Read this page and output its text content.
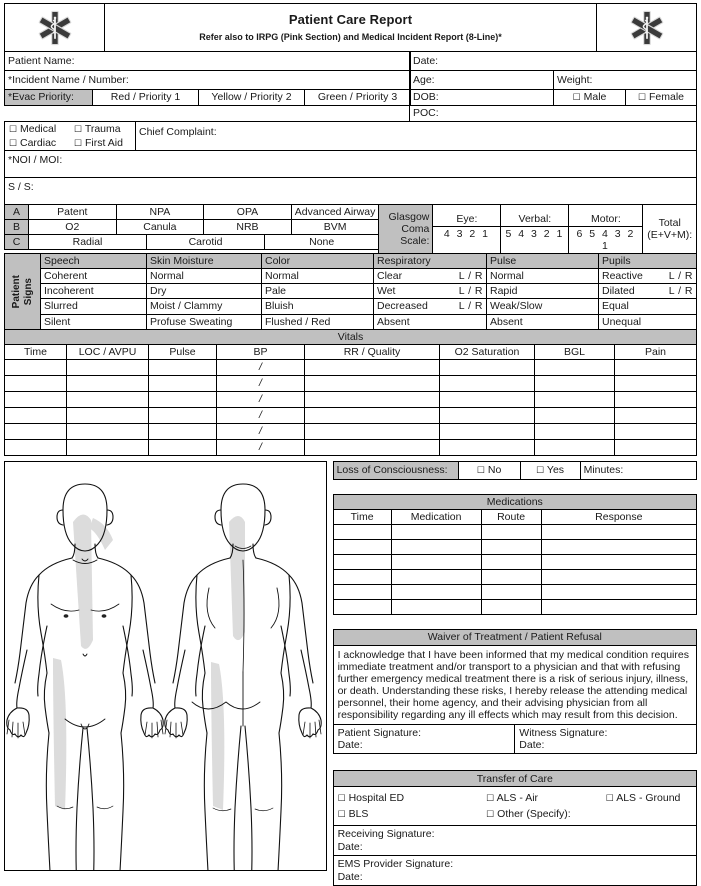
Patient Care Report
Refer also to IRPG (Pink Section) and Medical Incident Report (8-Line)*

Patient Name:
*Incident Name / Number:
*Evac Priority:	Red / Priority 1	Yellow / Priority 2	Green / Priority 3
Date:		
Age:	Weight:	
DOB:	☐ Male	☐ Female
POC:		
☐ Medical	☐ Trauma
☐ Cardiac	☐ First Aid
	Chief Complaint:

*NOI / MOI:
S / S:
A	Patent	NPA	OPA	Advanced Airway
B	O2	Canula	NRB	BVM
C	Radial	Carotid	None
Glasgow
Coma
Scale:
	Eye:	Verbal:	Motor:	Total
(E+V+M):

	4 3 2 1	5 4 3 2 1	6 5 4 3 2 1	
Patient Signs
Speech	Skin Moisture	Color	Respiratory	Pulse	Pupils
Coherent	Normal	Normal	Clear L / R	Normal	Reactive L / R

Incoherent	Dry	Pale	Wet L / R	Rapid	Dilated L / R

Slurred	Moist / Clammy	Bluish	Decreased L / R	Weak/Slow	Equal
Silent	Profuse Sweating	Flushed / Red	Absent	Absent	Unequal
Vitals							
Time	LOC / AVPU	Pulse	BP	RR / Quality	O2 Saturation	BGL	Pain
			/				
			/				
			/				
			/				
			/				
			/				
Loss of Consciousness:	☐ No	☐ Yes	Minutes:
Medications			
Time	Medication	Route	Response

Waiver of Treatment / Patient Refusal
I acknowledge that I have been informed that my medical condition requires immediate treatment and/or transport to a physician and that with refusing further emergency medical treatment there is a risk of serious injury, illness, or death. Understanding these risks, I hereby release the attending medical personnel, their home agency, and their advising physician from all responsibility regarding any ill effects which may result from this decision.

Patient Signature:
Date:

Witness Signature:
Date:
Transfer of Care

☐ Hospital ED	☐ ALS - Air	☐ ALS - Ground
☐ BLS	☐ Other (Specify):

Receiving Signature:
Date:

EMS Provider Signature:
Date:
